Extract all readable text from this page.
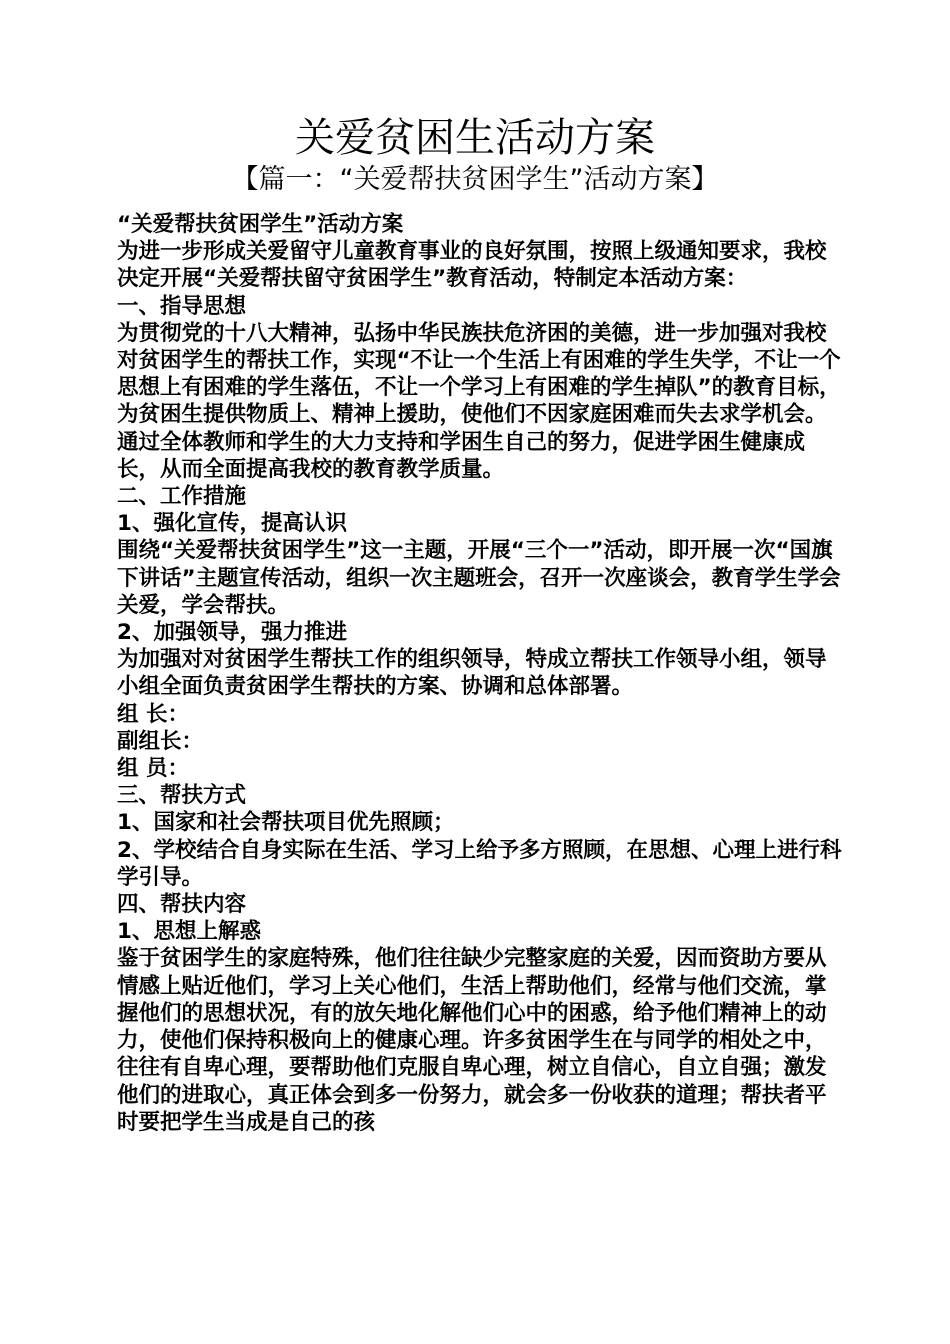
关爱贫困生活动方案
【篇一：“关爱帮扶贫困学生”活动方案】

“关爱帮扶贫困学生”活动方案

为进一步形成关爱留守儿童教育事业的良好氛围，按照上级通知要求，我校决定开展“关爱帮扶留守贫困学生”教育活动，特制定本活动方案：

一、指导思想

为贯彻党的十八大精神，弘扬中华民族扶危济困的美德，进一步加强对我校对贫困学生的帮扶工作，实现“不让一个生活上有困难的学生失学，不让一个思想上有困难的学生落伍，不让一个学习上有困难的学生掉队”的教育目标，为贫困生提供物质上、精神上援助，使他们不因家庭困难而失去求学机会。通过全体教师和学生的大力支持和学困生自己的努力，促进学困生健康成长，从而全面提高我校的教育教学质量。

二、工作措施

1、强化宣传，提高认识

围绕“关爱帮扶贫困学生”这一主题，开展“三个一”活动，即开展一次“国旗下讲话”主题宣传活动，组织一次主题班会，召开一次座谈会，教育学生学会关爱，学会帮扶。

2、加强领导，强力推进

为加强对对贫困学生帮扶工作的组织领导，特成立帮扶工作领导小组，领导小组全面负责贫困学生帮扶的方案、协调和总体部署。

组 长：

副组长：

组 员：

三、帮扶方式

1、国家和社会帮扶项目优先照顾；

2、学校结合自身实际在生活、学习上给予多方照顾，在思想、心理上进行科学引导。

四、帮扶内容

1、思想上解惑

鉴于贫困学生的家庭特殊，他们往往缺少完整家庭的关爱，因而资助方要从情感上贴近他们，学习上关心他们，生活上帮助他们，经常与他们交流，掌握他们的思想状况，有的放矢地化解他们心中的困惑，给予他们精神上的动力，使他们保持积极向上的健康心理。许多贫困学生在与同学的相处之中，往往有自卑心理，要帮助他们克服自卑心理，树立自信心，自立自强；激发他们的进取心，真正体会到多一份努力，就会多一份收获的道理；帮扶者平时要把学生当成是自己的孩
